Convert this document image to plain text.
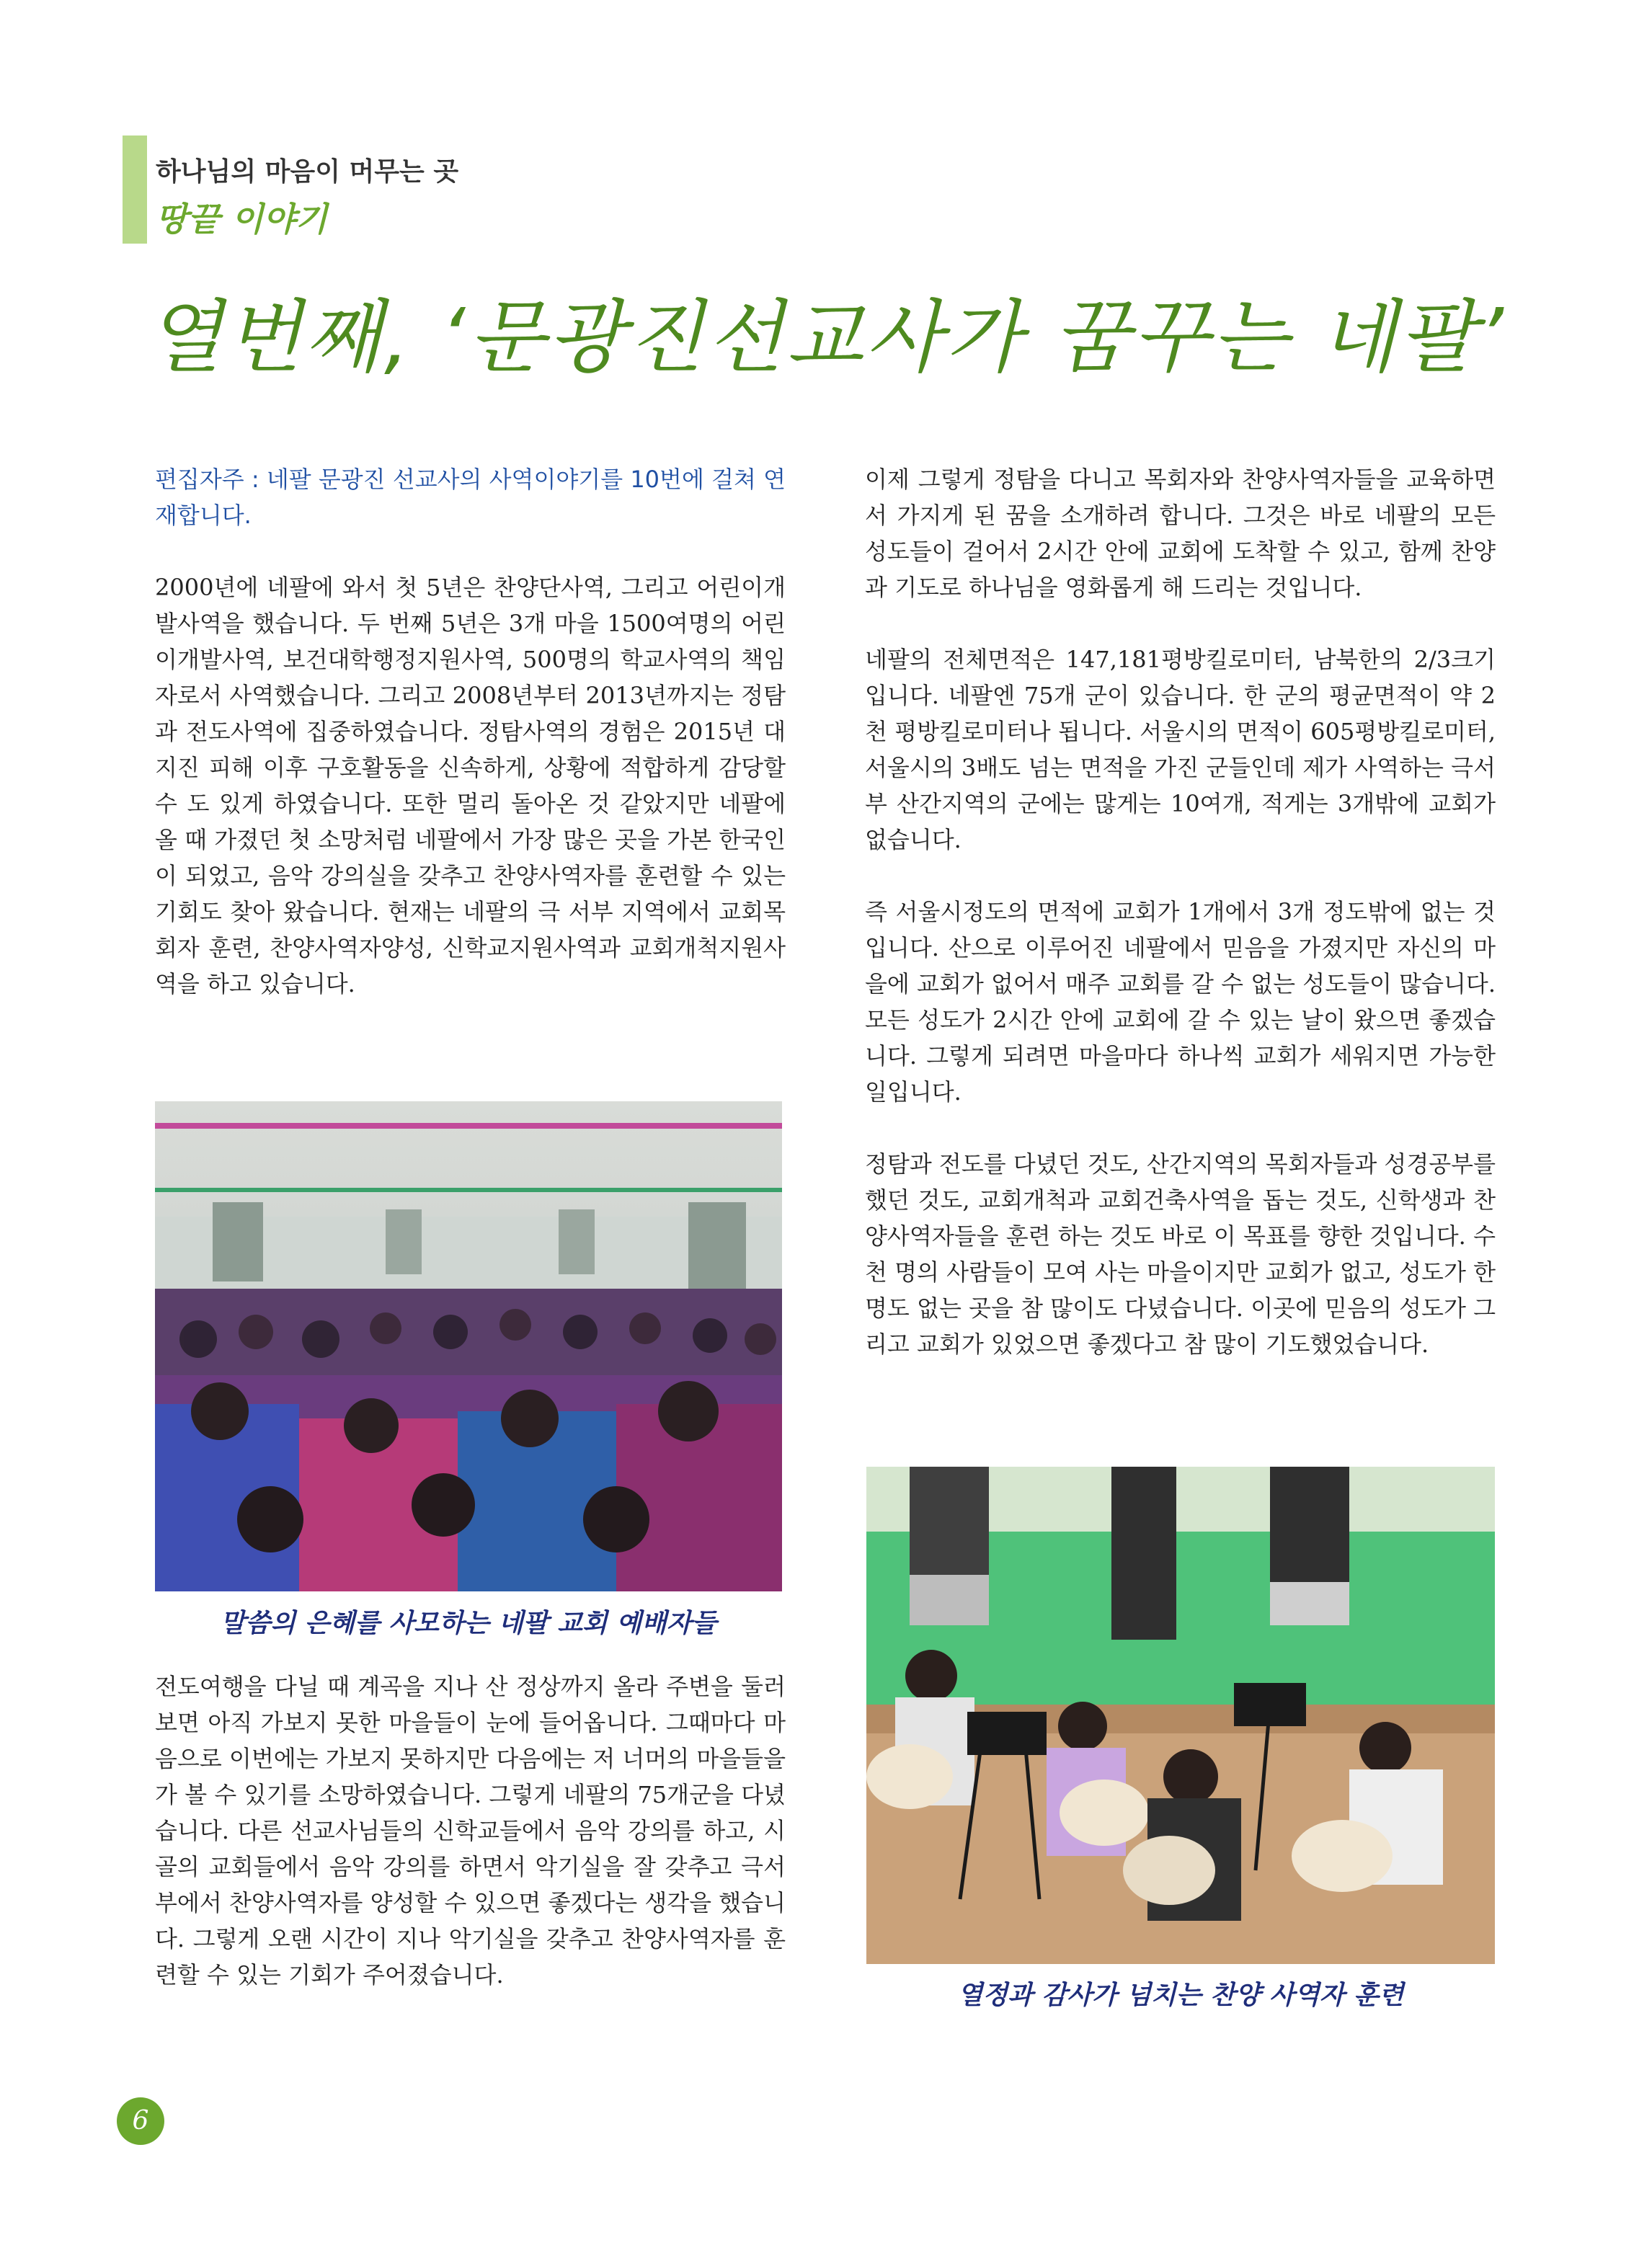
하나님의 마음이 머무는 곳
땅끝 이야기
열번째, ‘문광진선교사가 꿈꾸는 네팔’

편집자주 : 네팔 문광진 선교사의 사역이야기를 10번에 걸쳐 연재합니다.

2000년에 네팔에 와서 첫 5년은 찬양단사역, 그리고 어린이개발사역을 했습니다. 두 번째 5년은 3개 마을 1500여명의 어린이개발사역, 보건대학행정지원사역, 500명의 학교사역의 책임자로서 사역했습니다. 그리고 2008년부터 2013년까지는 정탐과 전도사역에 집중하였습니다. 정탐사역의 경험은 2015년 대지진 피해 이후 구호활동을 신속하게, 상황에 적합하게 감당할 수 도 있게 하였습니다. 또한 멀리 돌아온 것 같았지만 네팔에 올 때 가졌던 첫 소망처럼 네팔에서 가장 많은 곳을 가본 한국인이 되었고, 음악 강의실을 갖추고 찬양사역자를 훈련할 수 있는 기회도 찾아 왔습니다. 현재는 네팔의 극 서부 지역에서 교회목회자 훈련, 찬양사역자양성, 신학교지원사역과 교회개척지원사역을 하고 있습니다.

말씀의 은혜를 사모하는 네팔 교회 예배자들

전도여행을 다닐 때 계곡을 지나 산 정상까지 올라 주변을 둘러보면 아직 가보지 못한 마을들이 눈에 들어옵니다. 그때마다 마음으로 이번에는 가보지 못하지만 다음에는 저 너머의 마을들을 가 볼 수 있기를 소망하였습니다. 그렇게 네팔의 75개군을 다녔습니다. 다른 선교사님들의 신학교들에서 음악 강의를 하고, 시골의 교회들에서 음악 강의를 하면서 악기실을 잘 갖추고 극서부에서 찬양사역자를 양성할 수 있으면 좋겠다는 생각을 했습니다. 그렇게 오랜 시간이 지나 악기실을 갖추고 찬양사역자를 훈련할 수 있는 기회가 주어졌습니다.

이제 그렇게 정탐을 다니고 목회자와 찬양사역자들을 교육하면서 가지게 된 꿈을 소개하려 합니다. 그것은 바로 네팔의 모든 성도들이 걸어서 2시간 안에 교회에 도착할 수 있고, 함께 찬양과 기도로 하나님을 영화롭게 해 드리는 것입니다.

네팔의 전체면적은 147,181평방킬로미터, 남북한의 2/3크기입니다. 네팔엔 75개 군이 있습니다. 한 군의 평균면적이 약 2천 평방킬로미터나 됩니다. 서울시의 면적이 605평방킬로미터, 서울시의 3배도 넘는 면적을 가진 군들인데 제가 사역하는 극서부 산간지역의 군에는 많게는 10여개, 적게는 3개밖에 교회가 없습니다.

즉 서울시정도의 면적에 교회가 1개에서 3개 정도밖에 없는 것입니다. 산으로 이루어진 네팔에서 믿음을 가졌지만 자신의 마을에 교회가 없어서 매주 교회를 갈 수 없는 성도들이 많습니다. 모든 성도가 2시간 안에 교회에 갈 수 있는 날이 왔으면 좋겠습니다. 그렇게 되려면 마을마다 하나씩 교회가 세워지면 가능한 일입니다.

정탐과 전도를 다녔던 것도, 산간지역의 목회자들과 성경공부를 했던 것도, 교회개척과 교회건축사역을 돕는 것도, 신학생과 찬양사역자들을 훈련 하는 것도 바로 이 목표를 향한 것입니다. 수 천 명의 사람들이 모여 사는 마을이지만 교회가 없고, 성도가 한 명도 없는 곳을 참 많이도 다녔습니다. 이곳에 믿음의 성도가 그리고 교회가 있었으면 좋겠다고 참 많이 기도했었습니다.

열정과 감사가 넘치는 찬양 사역자 훈련
6
